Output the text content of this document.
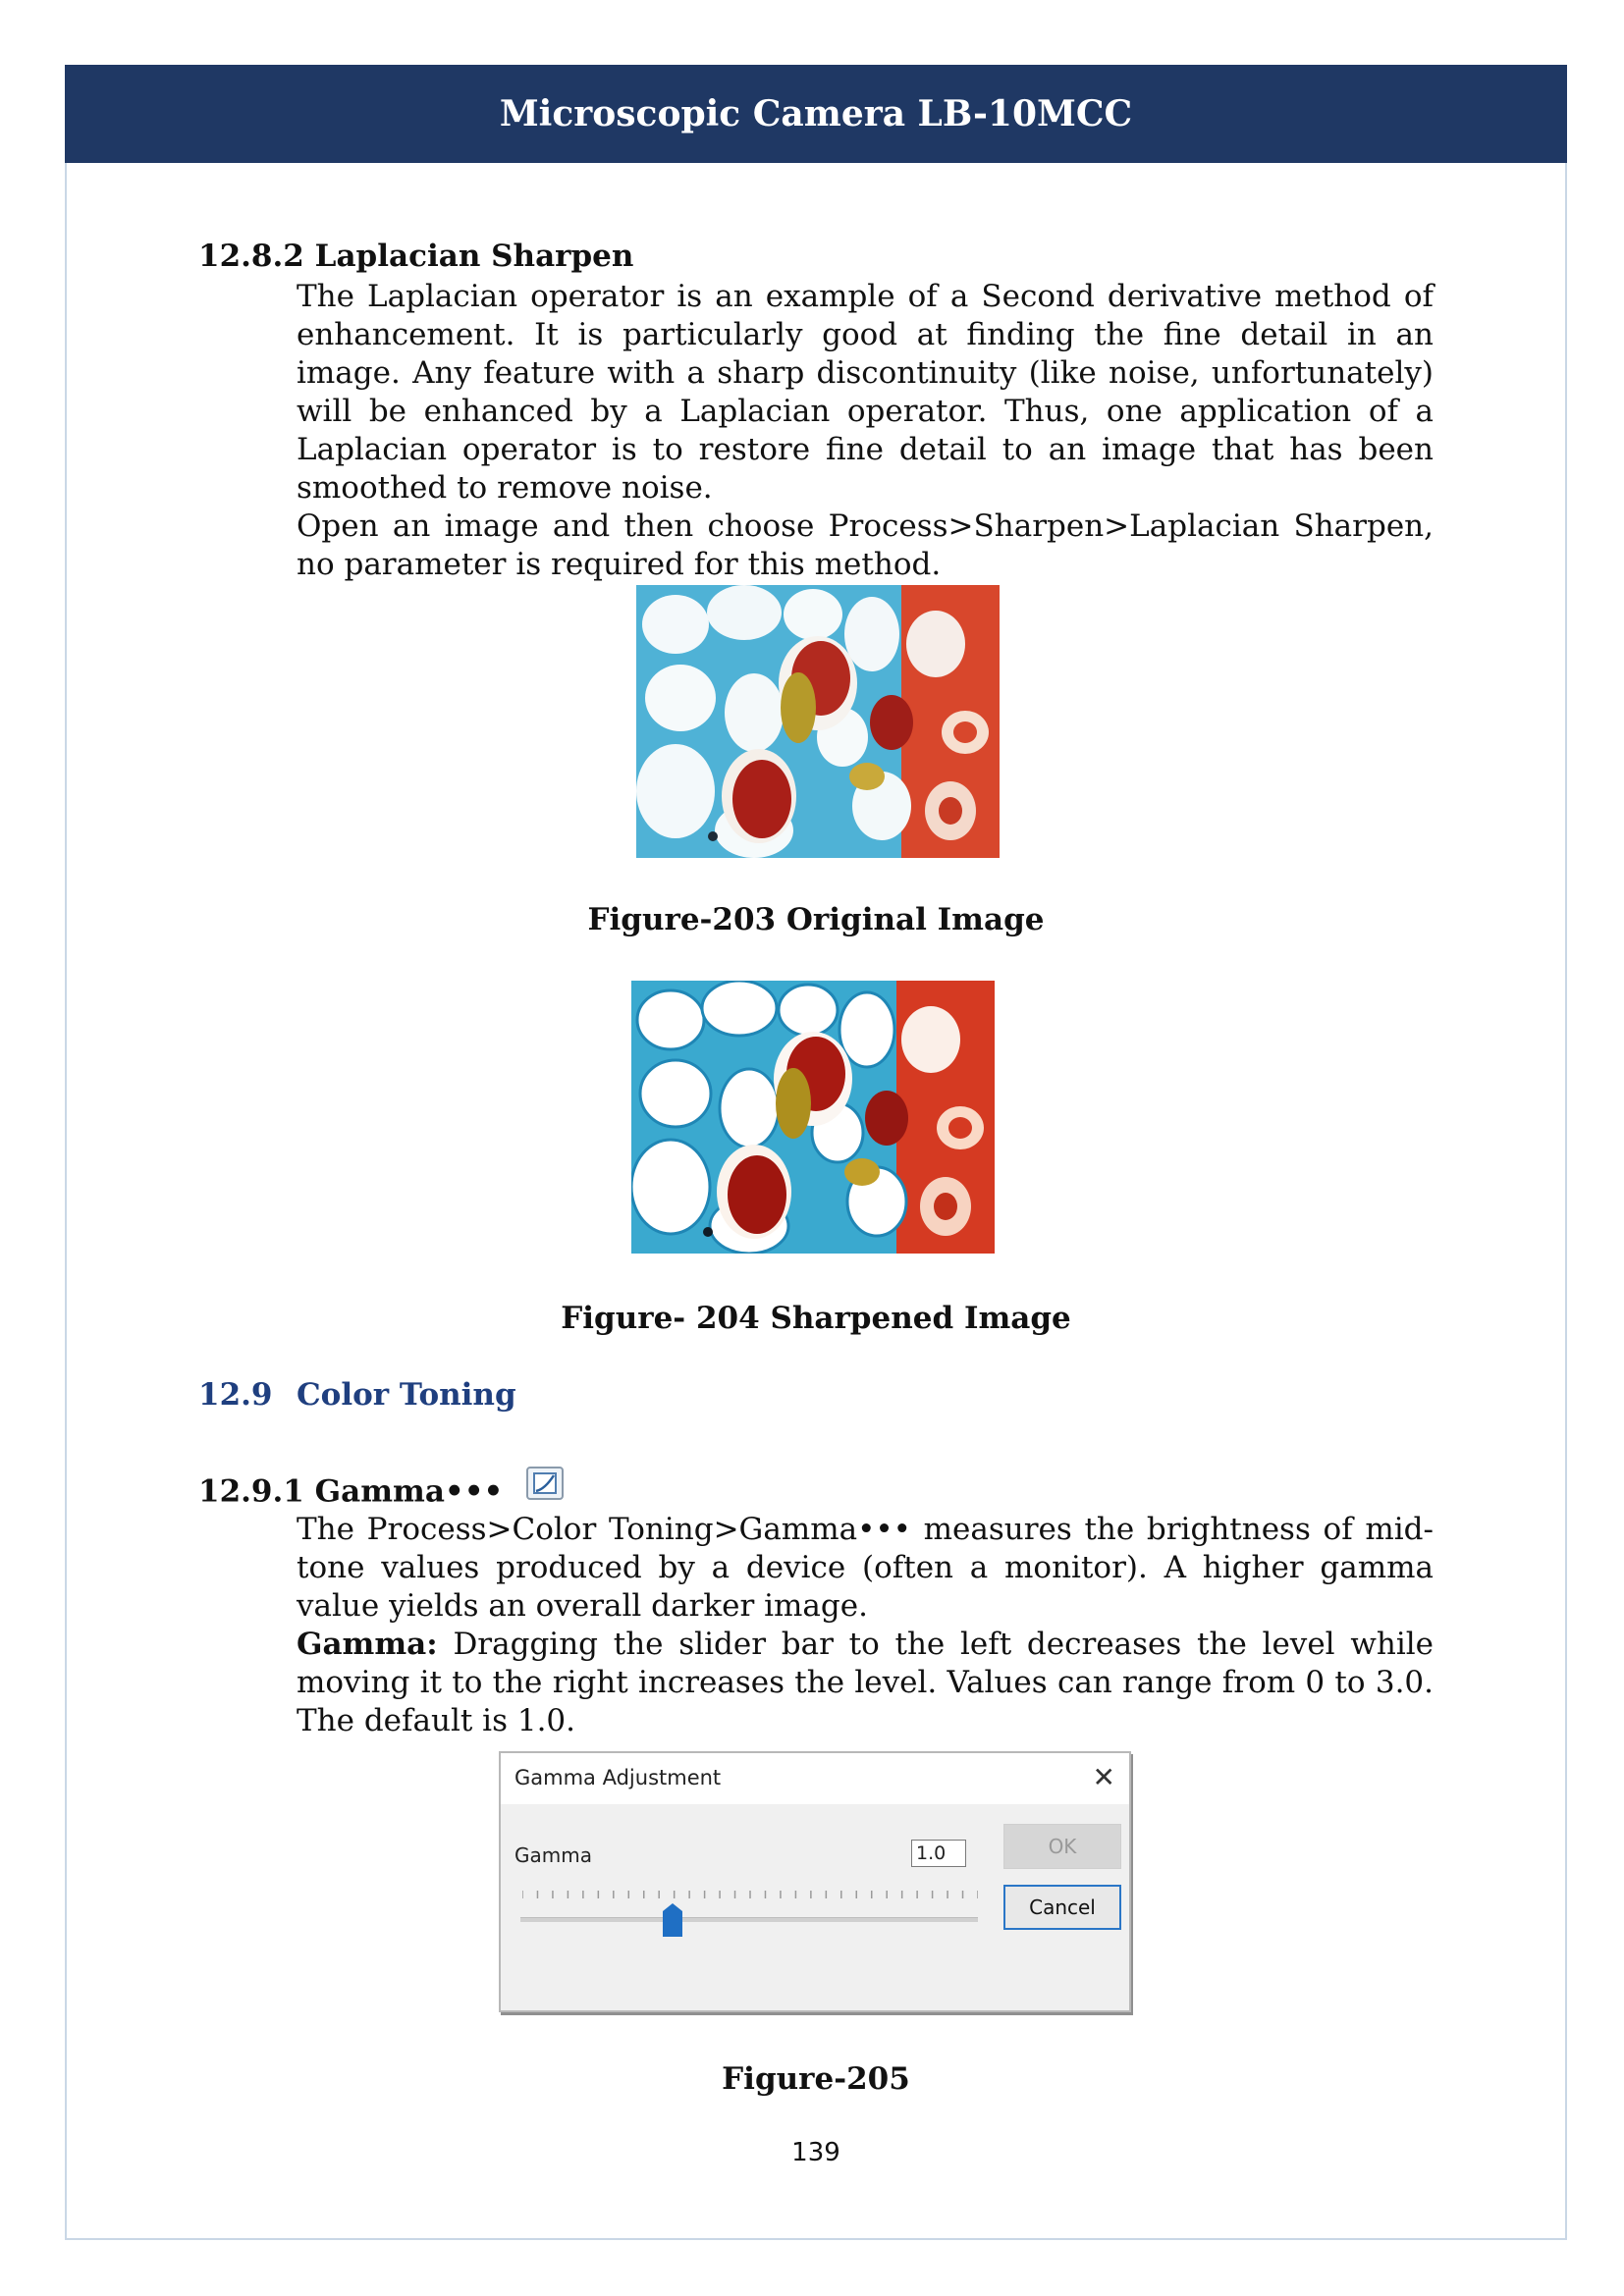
Microscopic Camera LB-10MCC
12.8.2 Laplacian Sharpen

The Laplacian operator is an example of a Second derivative method of enhancement. It is particularly good at finding the fine detail in an image. Any feature with a sharp discontinuity (like noise, unfortunately) will be enhanced by a Laplacian operator. Thus, one application of a Laplacian operator is to restore fine detail to an image that has been smoothed to remove noise.

Open an image and then choose Process>Sharpen>Laplacian Sharpen, no parameter is required for this method.

Figure-203 Original Image
Figure- 204 Sharpened Image
12.9 Color Toning
12.9.1 Gamma•••

The Process>Color Toning>Gamma••• measures the brightness of mid-tone values produced by a device (often a monitor). A higher gamma value yields an overall darker image.

Gamma: Dragging the slider bar to the left decreases the level while moving it to the right increases the level. Values can range from 0 to 3.0. The default is 1.0.

Gamma Adjustment	✕
Gamma	1.0	OK
Cancel
Figure-205
139
